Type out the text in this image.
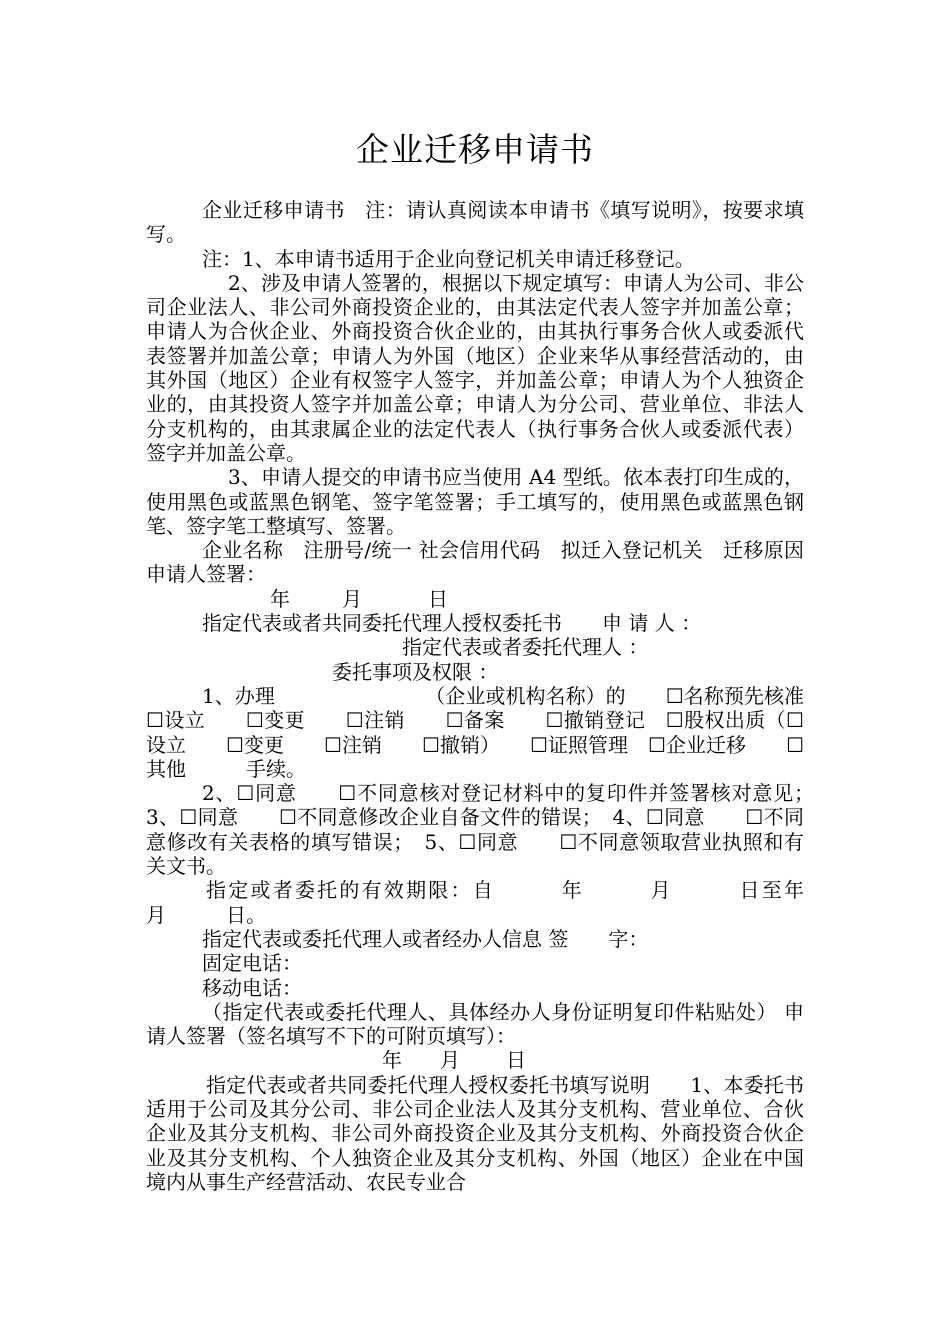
企业迁移申请书

企业迁移申请书　注：请认真阅读本申请书《填写说明》，按要求填写。

注：1、本申请书适用于企业向登记机关申请迁移登记。

2、涉及申请人签署的，根据以下规定填写：申请人为公司、非公司企业法人、非公司外商投资企业的，由其法定代表人签字并加盖公章；申请人为合伙企业、外商投资合伙企业的，由其执行事务合伙人或委派代表签署并加盖公章；申请人为外国（地区）企业来华从事经营活动的，由其外国（地区）企业有权签字人签字，并加盖公章；申请人为个人独资企业的，由其投资人签字并加盖公章；申请人为分公司、营业单位、非法人分支机构的，由其隶属企业的法定代表人（执行事务合伙人或委派代表）签字并加盖公章。

3、申请人提交的申请书应当使用 A4 型纸。依本表打印生成的，使用黑色或蓝黑色钢笔、签字笔签署；手工填写的，使用黑色或蓝黑色钢笔、签字笔工整填写、签署。

企业名称　注册号/统一 社会信用代码　拟迁入登记机关　迁移原因　　　　申请人签署：

年	月	日

指定代表或者共同委托代理人授权委托书　　申 请 人 ：

指定代表或者委托代理人 ：

委托事项及权限 ：

1、办理　　　　　　　　（企业或机构名称）的　　☐名称预先核准　☐设立　　☐变更　　☐注销　　☐备案　　☐撤销登记　☐股权出质（☐设立　　☐变更　　☐注销　　☐撤销）　　☐证照管理　☐企业迁移　　☐其他　　　手续。

2、☐同意　　☐不同意核对登记材料中的复印件并签署核对意见；　3、☐同意　　☐不同意修改企业自备文件的错误；　4、☐同意　　☐不同意修改有关表格的填写错误；　5、☐同意　　☐不同意领取营业执照和有关文书。

指定或者委托的有效期限：自　　　年　　　月　　　日至年　　月　　　日。

指定代表或委托代理人或者经办人信息 签　　字：

固定电话：

移动电话：

（指定代表或委托代理人、具体经办人身份证明复印件粘贴处） 申请人签署（签名填写不下的可附页填写）：

年 月 日

指定代表或者共同委托代理人授权委托书填写说明　　1、本委托书适用于公司及其分公司、非公司企业法人及其分支机构、营业单位、合伙企业及其分支机构、非公司外商投资企业及其分支机构、外商投资合伙企业及其分支机构、个人独资企业及其分支机构、外国（地区）企业在中国境内从事生产经营活动、农民专业合
